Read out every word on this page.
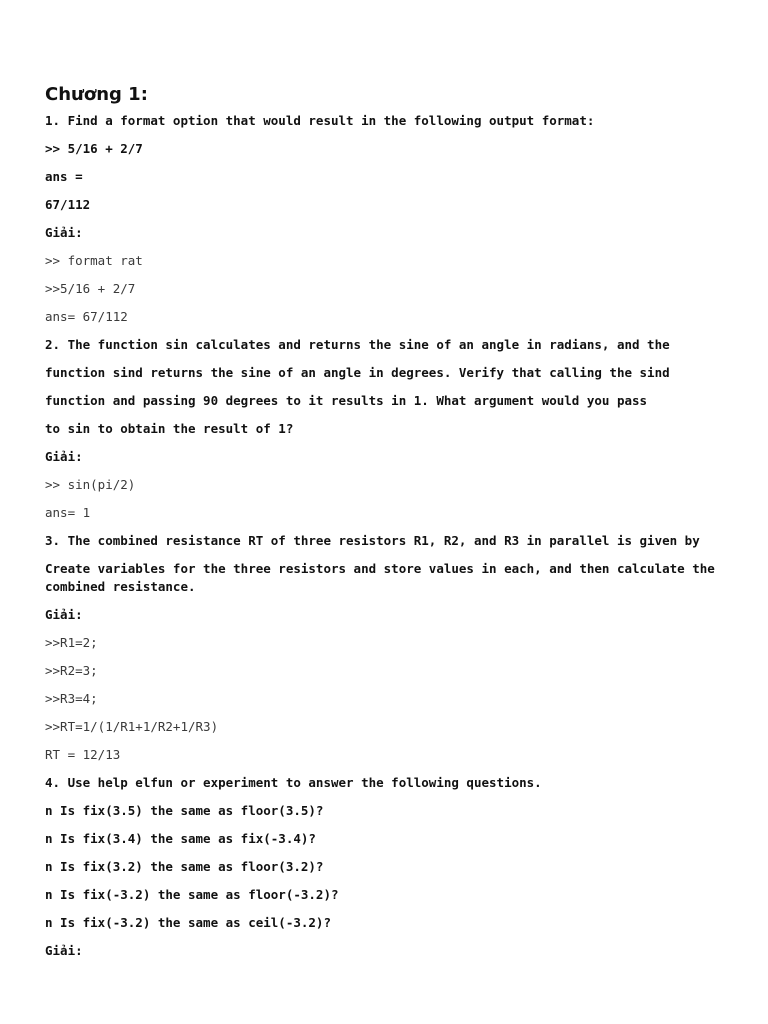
Chương 1:
1. Find a format option that would result in the following output format:
>> 5/16 + 2/7
ans =
67/112
Giải:
>> format rat
>>5/16 + 2/7
ans= 67/112
2. The function sin calculates and returns the sine of an angle in radians, and the
function sind returns the sine of an angle in degrees. Verify that calling the sind
function and passing 90 degrees to it results in 1. What argument would you pass
to sin to obtain the result of 1?
Giải:
>> sin(pi/2)
ans= 1
3. The combined resistance RT of three resistors R1, R2, and R3 in parallel is given by
Create variables for the three resistors and store values in each, and then calculate the
combined resistance.
Giải:
>>R1=2;
>>R2=3;
>>R3=4;
>>RT=1/(1/R1+1/R2+1/R3)
RT = 12/13
4. Use help elfun or experiment to answer the following questions.
n Is fix(3.5) the same as floor(3.5)?
n Is fix(3.4) the same as fix(-3.4)?
n Is fix(3.2) the same as floor(3.2)?
n Is fix(-3.2) the same as floor(-3.2)?
n Is fix(-3.2) the same as ceil(-3.2)?
Giải:
